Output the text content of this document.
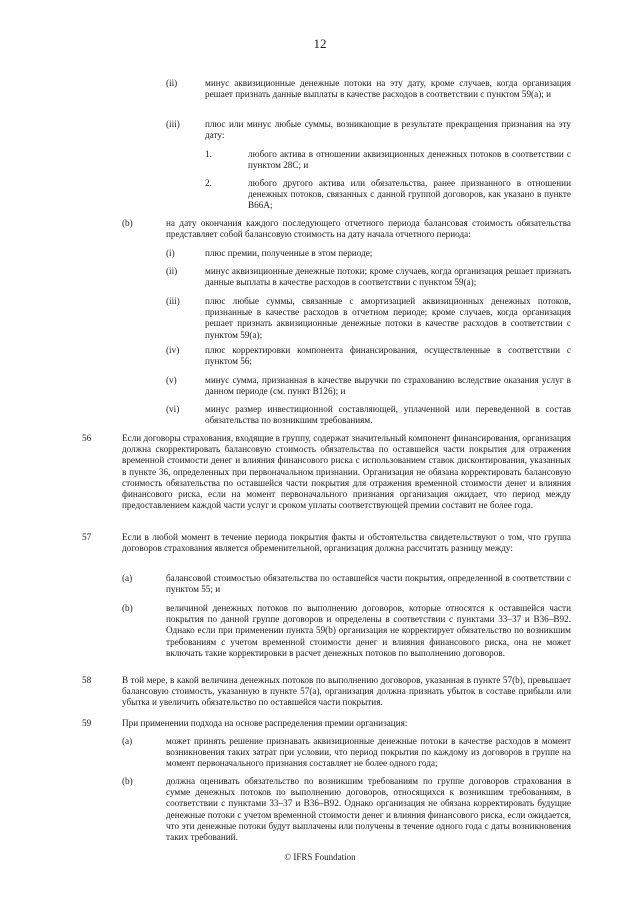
12
(ii)	минус аквизиционные денежные потоки на эту дату, кроме случаев, когда организация решает признать данные выплаты в качестве расходов в соответствии с пунктом 59(а); и
(iii)	плюс или минус любые суммы, возникающие в результате прекращения признания на эту дату:
1.	любого актива в отношении аквизиционных денежных потоков в соответствии с пунктом 28С; и
2.	любого другого актива или обязательства, ранее признанного в отношении денежных потоков, связанных с данной группой договоров, как указано в пункте В66А;
(b)	на дату окончания каждого последующего отчетного периода балансовая стоимость обязательства представляет собой балансовую стоимость на дату начала отчетного периода:
(i)	плюс премии, полученные в этом периоде;
(ii)	минус аквизиционные денежные потоки; кроме случаев, когда организация решает признать данные выплаты в качестве расходов в соответствии с пунктом 59(а);
(iii)	плюс любые суммы, связанные с амортизацией аквизиционных денежных потоков, признанные в качестве расходов в отчетном периоде; кроме случаев, когда организация решает признать аквизиционные денежные потоки в качестве расходов в соответствии с пунктом 59(а);
(iv)	плюс корректировки компонента финансирования, осуществленные в соответствии с пунктом 56;
(v)	минус сумма, признанная в качестве выручки по страхованию вследствие оказания услуг в данном периоде (см. пункт В126); и
(vi)	минус размер инвестиционной составляющей, уплаченной или переведенной в состав обязательства по возникшим требованиям.
56	Если договоры страхования, входящие в группу, содержат значительный компонент финансирования, организация должна скорректировать балансовую стоимость обязательства по оставшейся части покрытия для отражения временной стоимости денег и влияния финансового риска с использованием ставок дисконтирования, указанных в пункте 36, определенных при первоначальном признании. Организация не обязана корректировать балансовую стоимость обязательства по оставшейся части покрытия для отражения временной стоимости денег и влияния финансового риска, если на момент первоначального признания организация ожидает, что период между предоставлением каждой части услуг и сроком уплаты соответствующей премии составит не более года.
57	Если в любой момент в течение периода покрытия факты и обстоятельства свидетельствуют о том, что группа договоров страхования является обременительной, организация должна рассчитать разницу между:
(а)	балансовой стоимостью обязательства по оставшейся части покрытия, определенной в соответствии с пунктом 55; и
(b)	величиной денежных потоков по выполнению договоров, которые относятся к оставшейся части покрытия по данной группе договоров и определены в соответствии с пунктами 33–37 и В36–В92. Однако если при применении пункта 59(b) организация не корректирует обязательство по возникшим требованиям с учетом временной стоимости денег и влияния финансового риска, она не может включать такие корректировки в расчет денежных потоков по выполнению договоров.
58	В той мере, в какой величина денежных потоков по выполнению договоров, указанная в пункте 57(b), превышает балансовую стоимость, указанную в пункте 57(а), организация должна признать убыток в составе прибыли или убытка и увеличить обязательство по оставшейся части покрытия.
59	При применении подхода на основе распределения премии организация:
(а)	может принять решение признавать аквизиционные денежные потоки в качестве расходов в момент возникновения таких затрат при условии, что период покрытия по каждому из договоров в группе на момент первоначального признания составляет не более одного года;
(b)	должна оценивать обязательство по возникшим требованиям по группе договоров страхования в сумме денежных потоков по выполнению договоров, относящихся к возникшим требованиям, в соответствии с пунктами 33–37 и В36–В92. Однако организация не обязана корректировать будущие денежные потоки с учетом временной стоимости денег и влияния финансового риска, если ожидается, что эти денежные потоки будут выплачены или получены в течение одного года с даты возникновения таких требований.
© IFRS Foundation
